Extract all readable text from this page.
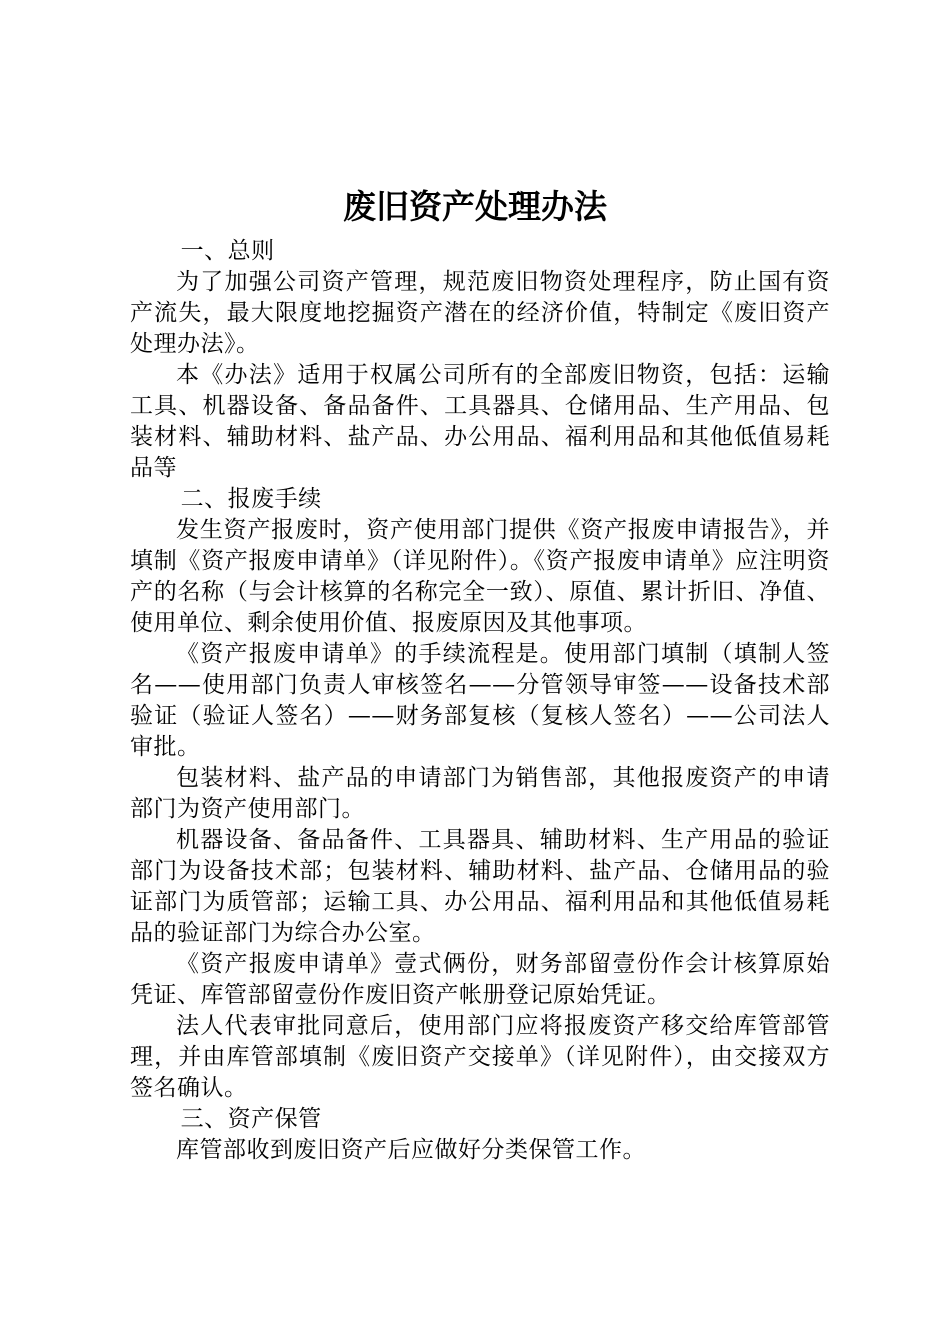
废旧资产处理办法

一、总则

为了加强公司资产管理，规范废旧物资处理程序，防止国有资产流失，最大限度地挖掘资产潜在的经济价值，特制定《废旧资产处理办法》。

本《办法》适用于权属公司所有的全部废旧物资，包括：运输工具、机器设备、备品备件、工具器具、仓储用品、生产用品、包装材料、辅助材料、盐产品、办公用品、福利用品和其他低值易耗品等

二、报废手续

发生资产报废时，资产使用部门提供《资产报废申请报告》，并填制《资产报废申请单》（详见附件）。《资产报废申请单》应注明资产的名称（与会计核算的名称完全一致）、原值、累计折旧、净值、使用单位、剩余使用价值、报废原因及其他事项。

《资产报废申请单》的手续流程是。使用部门填制（填制人签名——使用部门负责人审核签名——分管领导审签——设备技术部验证（验证人签名）——财务部复核（复核人签名）——公司法人审批。

包装材料、盐产品的申请部门为销售部，其他报废资产的申请部门为资产使用部门。

机器设备、备品备件、工具器具、辅助材料、生产用品的验证部门为设备技术部；包装材料、辅助材料、盐产品、仓储用品的验证部门为质管部；运输工具、办公用品、福利用品和其他低值易耗品的验证部门为综合办公室。

《资产报废申请单》壹式俩份，财务部留壹份作会计核算原始凭证、库管部留壹份作废旧资产帐册登记原始凭证。

法人代表审批同意后，使用部门应将报废资产移交给库管部管理，并由库管部填制《废旧资产交接单》（详见附件），由交接双方签名确认。

三、资产保管

库管部收到废旧资产后应做好分类保管工作。
